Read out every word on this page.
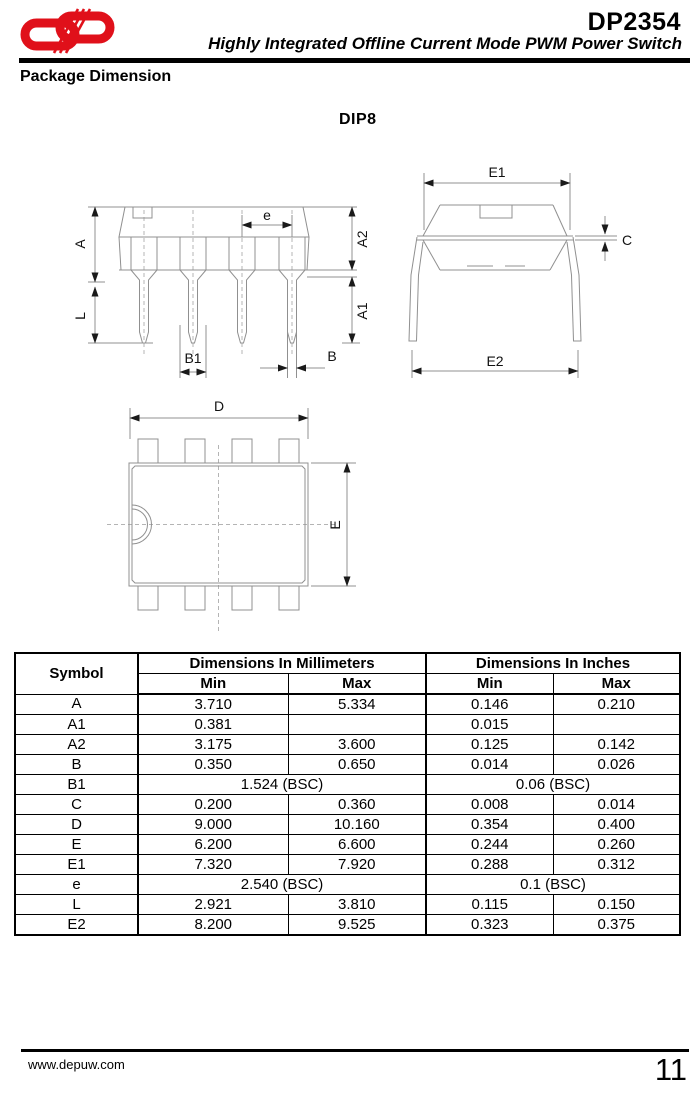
DP2354
Highly Integrated Offline Current Mode PWM Power Switch
Package Dimension
DIP8
A
L
A2
A1
e
B1	B
E1
E2
C
D
E
Symbol	Dimensions In Millimeters		Dimensions In Inches	
	Min	Max	Min	Max
A	3.710	5.334	0.146	0.210
A1	0.381		0.015	
A2	3.175	3.600	0.125	0.142
B	0.350	0.650	0.014	0.026
B1	1.524 (BSC)		0.06 (BSC)	
C	0.200	0.360	0.008	0.014
D	9.000	10.160	0.354	0.400
E	6.200	6.600	0.244	0.260
E1	7.320	7.920	0.288	0.312
e	2.540 (BSC)		0.1 (BSC)	
L	2.921	3.810	0.115	0.150
E2	8.200	9.525	0.323	0.375
www.depuw.com	11
